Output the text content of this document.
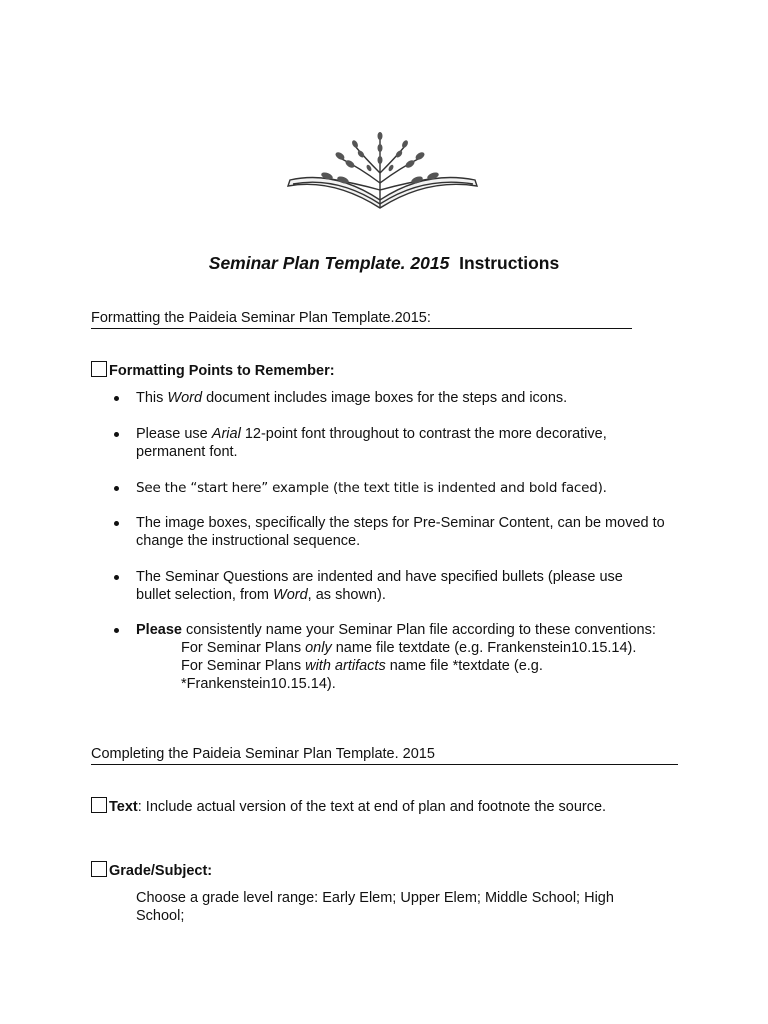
Seminar Plan Template. 2015 Instructions
Formatting the Paideia Seminar Plan Template.2015:
Formatting Points to Remember:
This Word document includes image boxes for the steps and icons.
Please use Arial 12-point font throughout to contrast the more decorative, permanent font.
See the “start here” example (the text title is indented and bold faced).
The image boxes, specifically the steps for Pre-Seminar Content, can be moved to change the instructional sequence.
The Seminar Questions are indented and have specified bullets (please use bullet selection, from Word, as shown).
Please consistently name your Seminar Plan file according to these conventions:
For Seminar Plans only name file textdate (e.g. Frankenstein10.15.14).
For Seminar Plans with artifacts name file *textdate (e.g.
*Frankenstein10.15.14).
Completing the Paideia Seminar Plan Template. 2015
Text: Include actual version of the text at end of plan and footnote the source.
Grade/Subject:
Choose a grade level range: Early Elem; Upper Elem; Middle School; High School;
